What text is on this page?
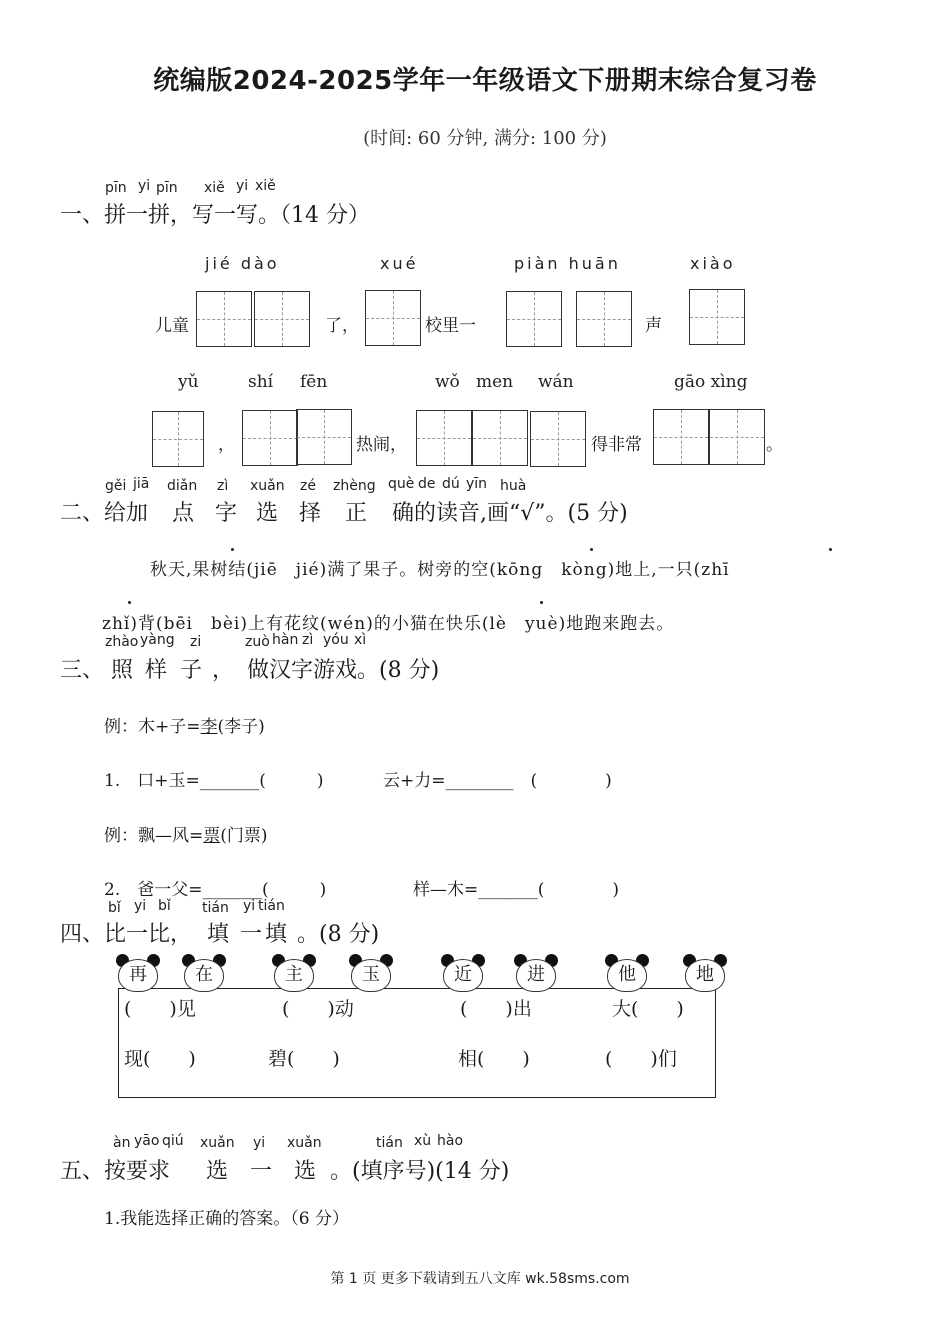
统编版2024-2025学年一年级语文下册期末综合复习卷
(时间: 60 分钟, 满分: 100 分)
pīn yi pīn xiě yi xiě
一、拼一拼，写一写。（14 分）
jié dào	xué	piàn huān	xiào
儿童	了，	校里一	声
yǔ	shí fēn	wǒ men wán	gāo xìng
，	热闹，	得非常	。
gěi jiā diǎn zì xuǎn zé zhèng què de dú yīn huà
二、给加 点 字 选 择 正 确的读音,画“√”。(5 分)
秋天,果树结(jiē　jié)满了果子。树旁的空(kōng　kòng)地上,一只(zhī
zhǐ)背(bēi　bèi)上有花纹(wén)的小猫在快乐(lè　yuè)地跑来跑去。
zhào yàng zi	zuò hàn zì yóu xì
三、 照 样 子 ， 做汉字游戏。(8 分)
例：木+子=李(李子)
1.　口+玉=_______(　　　)	云+力=________　(　　　　)
例：飘—风=票(门票)
2.　爸一父=_______(　　　)	样—木=_______(　　　　)
bǐ yi bǐ tián yi tián
四、比一比， 填 一 填 。(8 分)
再	在	主	玉	近	进	他	地
(　　)见	(　　)动	(　　)出	大(　　)
现(　　)	碧(　　)	相(　　)	(　　)们
àn yāo qiú xuǎn yi xuǎn	tián xù hào
五、按要求 选 一 选 。(填序号)(14 分)
1.我能选择正确的答案。（6 分）
第 1 页 更多下载请到五八文库 wk.58sms.com
